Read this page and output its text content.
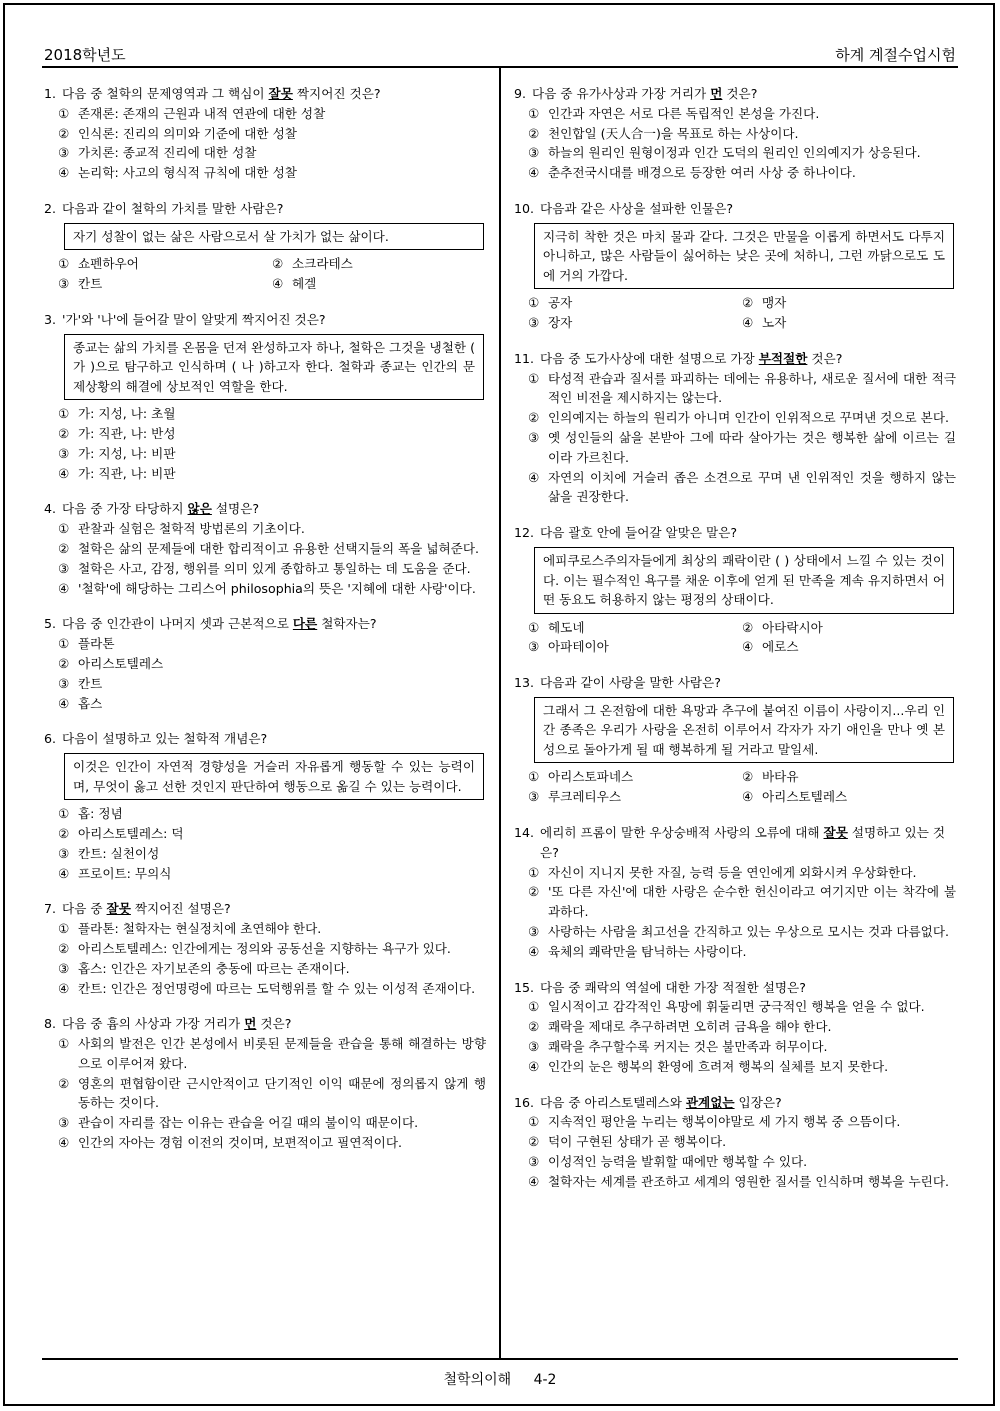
2018학년도	하계 계절수업시험
1. 다음 중 철학의 문제영역과 그 핵심이 잘못 짝지어진 것은?
① 존재론: 존재의 근원과 내적 연관에 대한 성찰
② 인식론: 진리의 의미와 기준에 대한 성찰
③ 가치론: 종교적 진리에 대한 성찰
④ 논리학: 사고의 형식적 규칙에 대한 성찰
2. 다음과 같이 철학의 가치를 말한 사람은?
자기 성찰이 없는 삶은 사람으로서 살 가치가 없는 삶이다.
① 쇼펜하우어	② 소크라테스
③ 칸트	④ 헤겔
3. '가'와 '나'에 들어갈 말이 알맞게 짝지어진 것은?
종교는 삶의 가치를 온몸을 던져 완성하고자 하나, 철학은 그것을 냉철한 ( 가 )으로 탐구하고 인식하며 ( 나 )하고자 한다. 철학과 종교는 인간의 문제상황의 해결에 상보적인 역할을 한다.
① 가: 지성, 나: 초월
② 가: 직관, 나: 반성
③ 가: 지성, 나: 비판
④ 가: 직관, 나: 비판
4. 다음 중 가장 타당하지 않은 설명은?
① 관찰과 실험은 철학적 방법론의 기초이다.
② 철학은 삶의 문제들에 대한 합리적이고 유용한 선택지들의 폭을 넓혀준다.
③ 철학은 사고, 감정, 행위를 의미 있게 종합하고 통일하는 데 도움을 준다.
④ '철학'에 해당하는 그리스어 philosophia의 뜻은 '지혜에 대한 사랑'이다.
5. 다음 중 인간관이 나머지 셋과 근본적으로 다른 철학자는?
① 플라톤
② 아리스토텔레스
③ 칸트
④ 홉스
6. 다음이 설명하고 있는 철학적 개념은?
이것은 인간이 자연적 경향성을 거슬러 자유롭게 행동할 수 있는 능력이며, 무엇이 옳고 선한 것인지 판단하여 행동으로 옮길 수 있는 능력이다.
① 홉: 정념
② 아리스토텔레스: 덕
③ 칸트: 실천이성
④ 프로이트: 무의식
7. 다음 중 잘못 짝지어진 설명은?
① 플라톤: 철학자는 현실정치에 초연해야 한다.
② 아리스토텔레스: 인간에게는 정의와 공동선을 지향하는 욕구가 있다.
③ 홉스: 인간은 자기보존의 충동에 따르는 존재이다.
④ 칸트: 인간은 정언명령에 따르는 도덕행위를 할 수 있는 이성적 존재이다.
8. 다음 중 흄의 사상과 가장 거리가 먼 것은?
① 사회의 발전은 인간 본성에서 비롯된 문제들을 관습을 통해 해결하는 방향으로 이루어져 왔다.
② 영혼의 편협함이란 근시안적이고 단기적인 이익 때문에 정의롭지 않게 행동하는 것이다.
③ 관습이 자리를 잡는 이유는 관습을 어길 때의 불이익 때문이다.
④ 인간의 자아는 경험 이전의 것이며, 보편적이고 필연적이다.
9. 다음 중 유가사상과 가장 거리가 먼 것은?
① 인간과 자연은 서로 다른 독립적인 본성을 가진다.
② 천인합일 (天人合一)을 목표로 하는 사상이다.
③ 하늘의 원리인 원형이정과 인간 도덕의 원리인 인의예지가 상응된다.
④ 춘추전국시대를 배경으로 등장한 여러 사상 중 하나이다.
10. 다음과 같은 사상을 설파한 인물은?
지극히 착한 것은 마치 물과 같다. 그것은 만물을 이롭게 하면서도 다투지 아니하고, 많은 사람들이 싫어하는 낮은 곳에 처하니, 그런 까닭으로도 도에 거의 가깝다.
① 공자	② 맹자
③ 장자	④ 노자
11. 다음 중 도가사상에 대한 설명으로 가장 부적절한 것은?
① 타성적 관습과 질서를 파괴하는 데에는 유용하나, 새로운 질서에 대한 적극적인 비전을 제시하지는 않는다.
② 인의예지는 하늘의 원리가 아니며 인간이 인위적으로 꾸며낸 것으로 본다.
③ 옛 성인들의 삶을 본받아 그에 따라 살아가는 것은 행복한 삶에 이르는 길이라 가르친다.
④ 자연의 이치에 거슬러 좁은 소견으로 꾸며 낸 인위적인 것을 행하지 않는 삶을 권장한다.
12. 다음 괄호 안에 들어갈 알맞은 말은?
에피쿠로스주의자들에게 최상의 쾌락이란 ( ) 상태에서 느낄 수 있는 것이다. 이는 필수적인 욕구를 채운 이후에 얻게 된 만족을 계속 유지하면서 어떤 동요도 허용하지 않는 평정의 상태이다.
① 헤도네	② 아타락시아
③ 아파테이아	④ 에로스
13. 다음과 같이 사랑을 말한 사람은?
그래서 그 온전함에 대한 욕망과 추구에 붙여진 이름이 사랑이지...우리 인간 종족은 우리가 사랑을 온전히 이루어서 각자가 자기 애인을 만나 옛 본성으로 돌아가게 될 때 행복하게 될 거라고 말일세.
① 아리스토파네스	② 바타유
③ 루크레티우스	④ 아리스토텔레스
14. 에리히 프롬이 말한 우상숭배적 사랑의 오류에 대해 잘못 설명하고 있는 것은?
① 자신이 지니지 못한 자질, 능력 등을 연인에게 외화시켜 우상화한다.
② '또 다른 자신'에 대한 사랑은 순수한 헌신이라고 여기지만 이는 착각에 불과하다.
③ 사랑하는 사람을 최고선을 간직하고 있는 우상으로 모시는 것과 다름없다.
④ 육체의 쾌락만을 탐닉하는 사랑이다.
15. 다음 중 쾌락의 역설에 대한 가장 적절한 설명은?
① 일시적이고 감각적인 욕망에 휘둘리면 궁극적인 행복을 얻을 수 없다.
② 쾌락을 제대로 추구하려면 오히려 금욕을 해야 한다.
③ 쾌락을 추구할수록 커지는 것은 불만족과 허무이다.
④ 인간의 눈은 행복의 환영에 흐려져 행복의 실체를 보지 못한다.
16. 다음 중 아리스토텔레스와 관계없는 입장은?
① 지속적인 평안을 누리는 행복이야말로 세 가지 행복 중 으뜸이다.
② 덕이 구현된 상태가 곧 행복이다.
③ 이성적인 능력을 발휘할 때에만 행복할 수 있다.
④ 철학자는 세계를 관조하고 세계의 영원한 질서를 인식하며 행복을 누린다.
철학의이해 4-2
